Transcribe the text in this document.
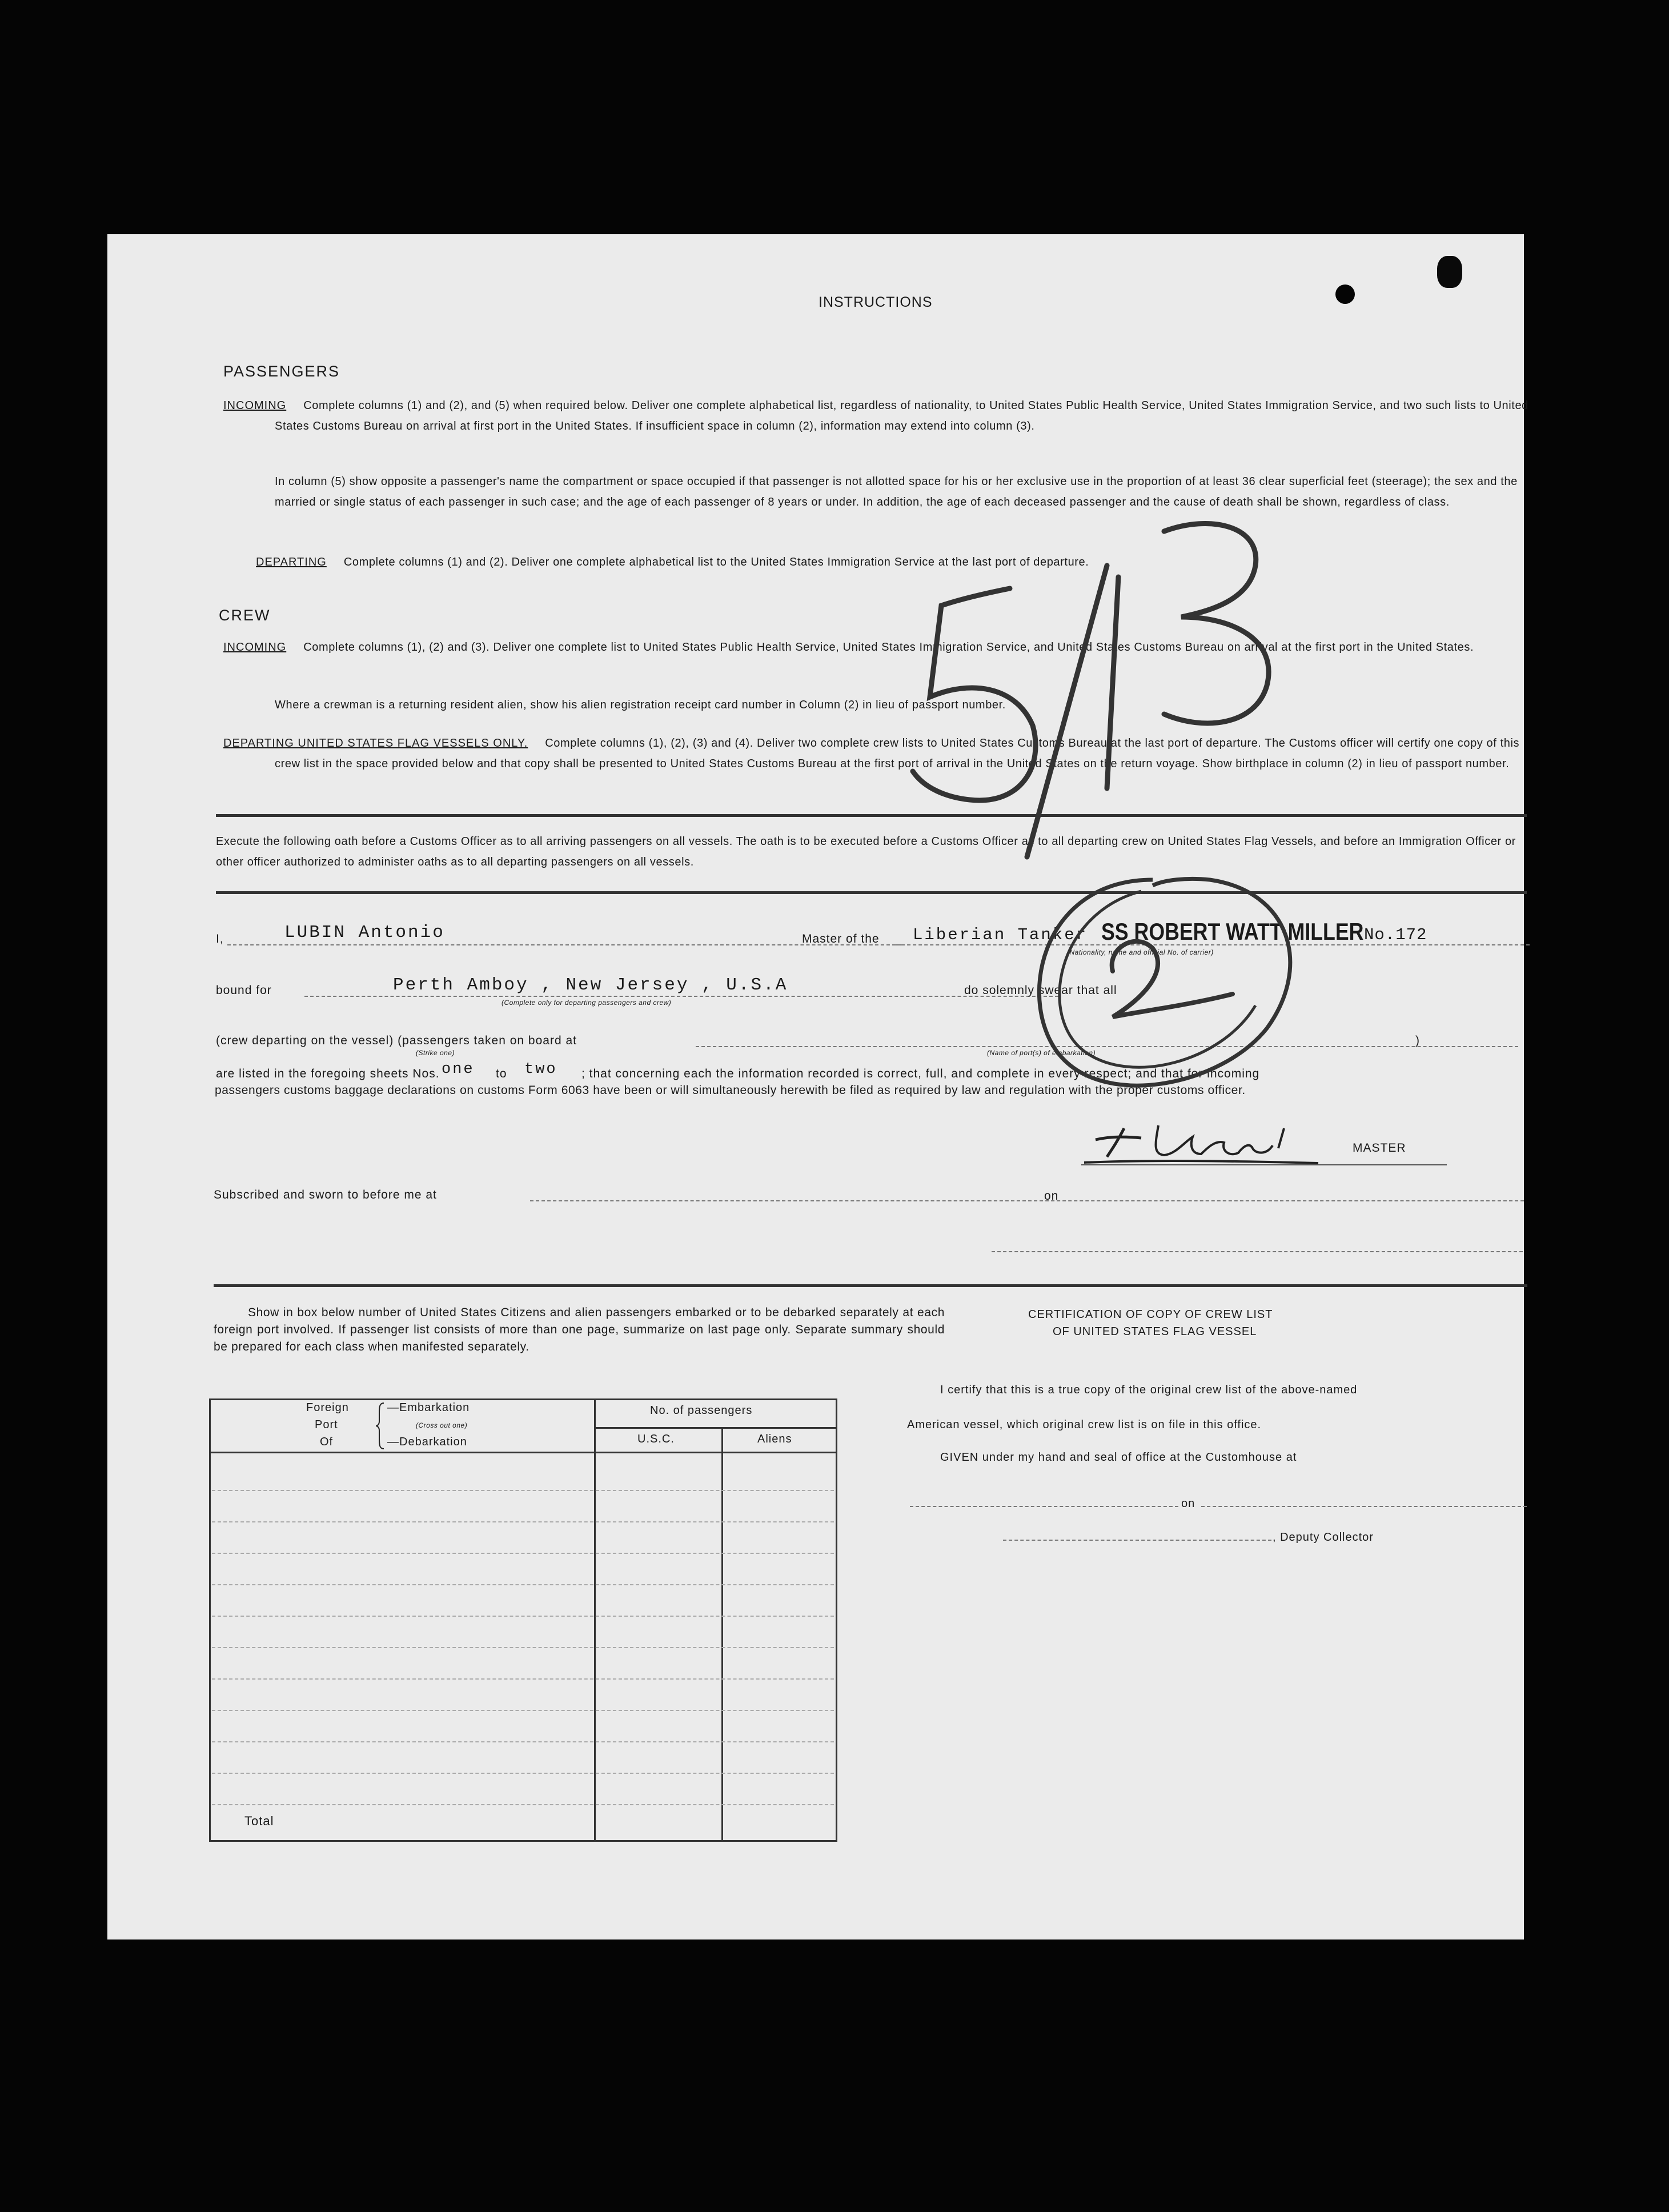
INSTRUCTIONS
PASSENGERS
INCOMING Complete columns (1) and (2), and (5) when required below. Deliver one complete alphabetical list, regardless of nationality, to United States Public Health Service, United States Immigration Service, and two such lists to United States Customs Bureau on arrival at first port in the United States. If insufficient space in column (2), information may extend into column (3).
In column (5) show opposite a passenger's name the compartment or space occupied if that passenger is not allotted space for his or her exclusive use in the proportion of at least 36 clear superficial feet (steerage); the sex and the married or single status of each passenger in such case; and the age of each passenger of 8 years or under. In addition, the age of each deceased passenger and the cause of death shall be shown, regardless of class.
DEPARTING Complete columns (1) and (2). Deliver one complete alphabetical list to the United States Immigration Service at the last port of departure.
CREW
INCOMING Complete columns (1), (2) and (3). Deliver one complete list to United States Public Health Service, United States Immigration Service, and United States Customs Bureau on arrival at the first port in the United States.
Where a crewman is a returning resident alien, show his alien registration receipt card number in Column (2) in lieu of passport number.
DEPARTING UNITED STATES FLAG VESSELS ONLY. Complete columns (1), (2), (3) and (4). Deliver two complete crew lists to United States Customs Bureau at the last port of departure. The Customs officer will certify one copy of this crew list in the space provided below and that copy shall be presented to United States Customs Bureau at the first port of arrival in the United States on the return voyage. Show birthplace in column (2) in lieu of passport number.
Execute the following oath before a Customs Officer as to all arriving passengers on all vessels. The oath is to be executed before a Customs Officer as to all departing crew on United States Flag Vessels, and before an Immigration Officer or other officer authorized to administer oaths as to all departing passengers on all vessels.
I,	LUBIN Antonio	Master of the Liberian Tanker SS ROBERT WATT MILLER No.172
(Nationality, name and official No. of carrier)
bound for	Perth Amboy , New Jersey , U.S.A
(Complete only for departing passengers and crew)
do solemnly swear that all
(crew departing on the vessel) (passengers taken on board at
(Strike one)	(Name of port(s) of embarkation)
)
are listed in the foregoing sheets Nos. one to two ; that concerning each the information recorded is correct, full, and complete in every respect; and that for incoming
passengers customs baggage declarations on customs Form 6063 have been or will simultaneously herewith be filed as required by law and regulation with the proper customs officer.
MASTER
Subscribed and sworn to before me at	on
Show in box below number of United States Citizens and alien passengers embarked or to be debarked separately at each foreign port involved. If passenger list consists of more than one page, summarize on last page only. Separate summary should be prepared for each class when manifested separately.
Foreign
Port
Of
—Embarkation
(Cross out one)
—Debarkation
No. of passengers
U.S.C.	Aliens
Total
CERTIFICATION OF COPY OF CREW LIST
OF UNITED STATES FLAG VESSEL
I certify that this is a true copy of the original crew list of the above-named
American vessel, which original crew list is on file in this office.
GIVEN under my hand and seal of office at the Customhouse at
on
, Deputy Collector
